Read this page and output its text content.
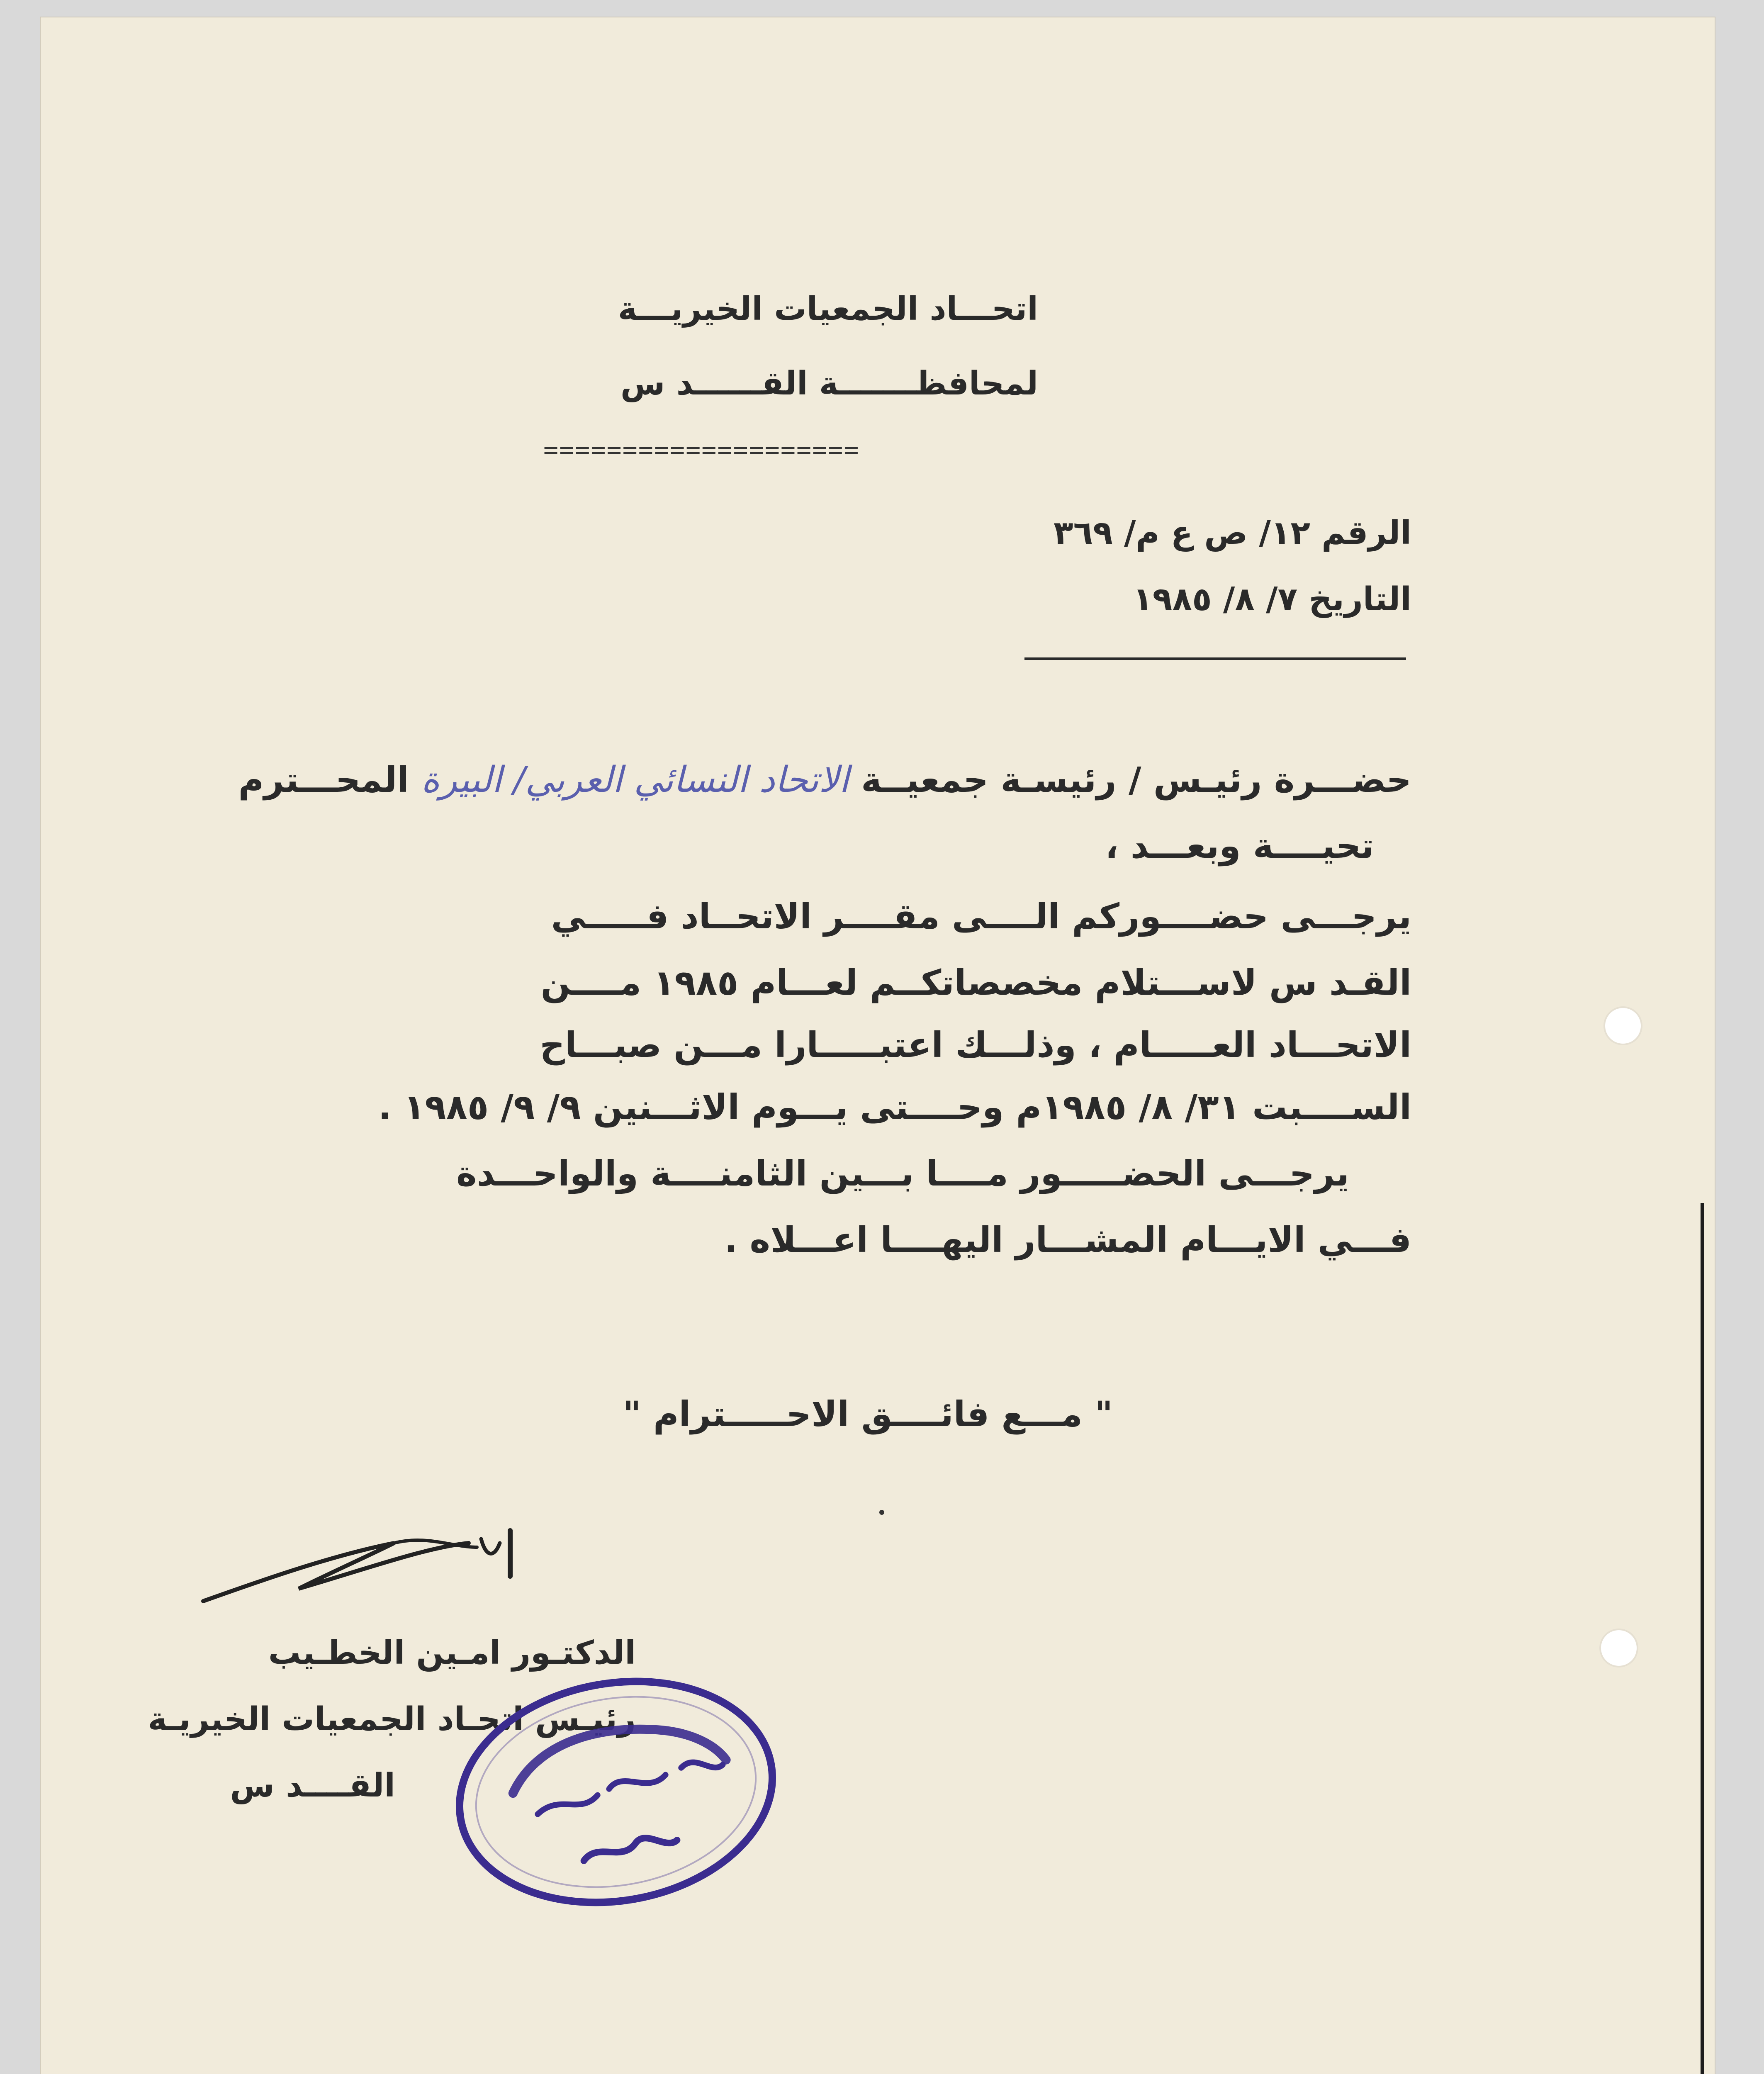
اتحـــاد الجمعيات الخيريـــة
لمحافظـــــــة القــــــد س
====================
الرقم ١٢/ ص ع م/ ٣٦٩
التاريخ ٧/ ٨/ ١٩٨٥
حضـــرة رئيـس / رئيسـة جمعيــة الاتحاد النسائي العربي/ البيرة المحـــترم
تحيــــة وبعـــد ،
يرجـــى حضــــوركم الــــى مقــــر الاتحــاد فـــــي
القـد س لاســـتلام مخصصاتكــم لعـــام ١٩٨٥ مــــن
الاتحـــاد العـــــام ، وذلـــك اعتبـــــارا مـــن صبـــاح
الســــبت ٣١/ ٨/ ١٩٨٥م وحــــتى يـــوم الاثـــنين ٩/ ٩/ ١٩٨٥ .
يرجـــى الحضـــــور مــــا بـــين الثامنــــة والواحـــدة
فـــي الايـــام المشـــار اليهــــا اعـــلاه .
" مـــع فائــــق الاحـــــترام "
الدكتـور امـين الخطـيب
رئيـس اتحـاد الجمعيات الخيريـة
القــــد س
